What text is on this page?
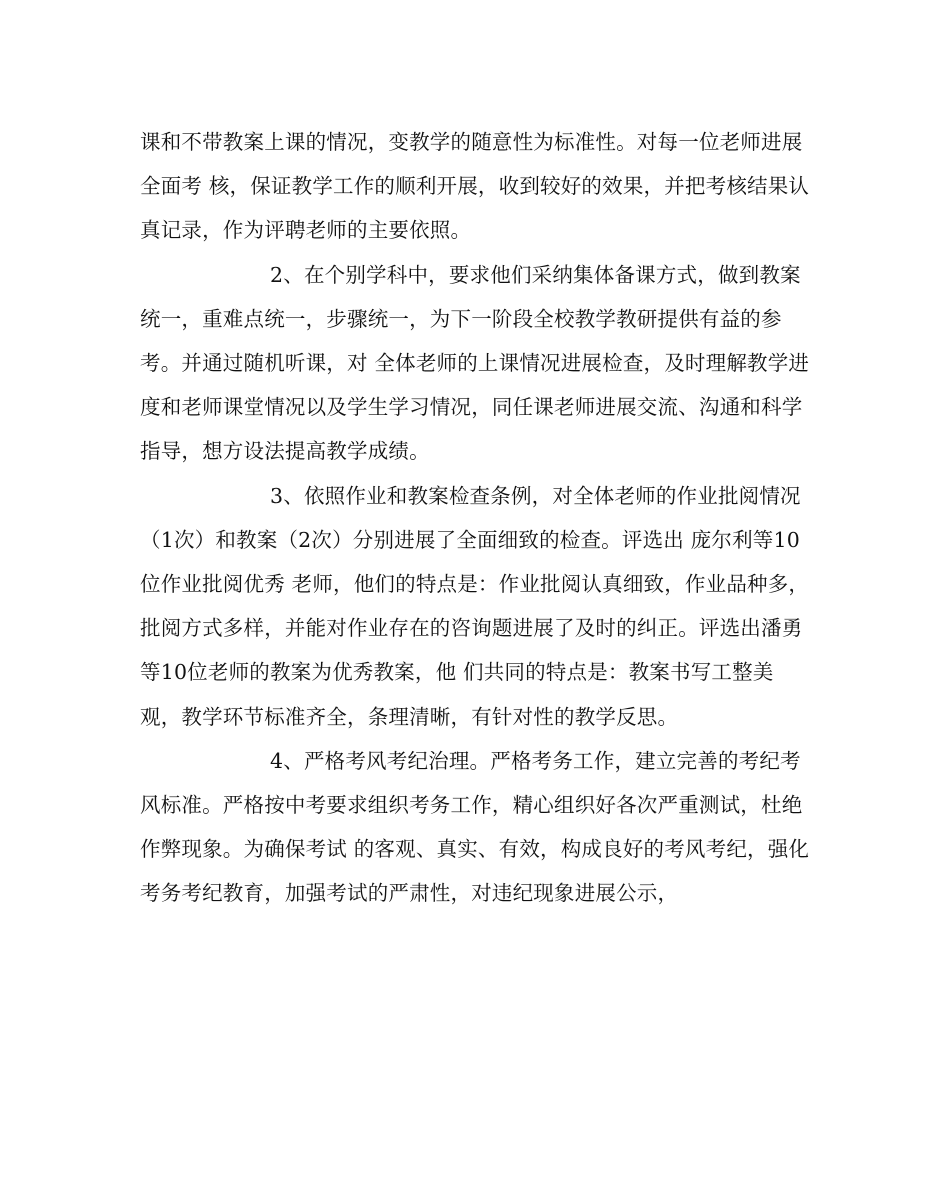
课和不带教案上课的情况，变教学的随意性为标准性。对每一位老师进展全面考 核，保证教学工作的顺利开展，收到较好的效果，并把考核结果认真记录，作为评聘老师的主要依照。

2、在个别学科中，要求他们采纳集体备课方式，做到教案统一，重难点统一，步骤统一，为下一阶段全校教学教研提供有益的参考。并通过随机听课，对 全体老师的上课情况进展检查，及时理解教学进度和老师课堂情况以及学生学习情况，同任课老师进展交流、沟通和科学指导，想方设法提高教学成绩。

3、依照作业和教案检查条例，对全体老师的作业批阅情况（1次）和教案（2次）分别进展了全面细致的检查。评选出 庞尔利等10 位作业批阅优秀 老师，他们的特点是：作业批阅认真细致，作业品种多，批阅方式多样，并能对作业存在的咨询题进展了及时的纠正。评选出潘勇等10位老师的教案为优秀教案，他 们共同的特点是：教案书写工整美观，教学环节标准齐全，条理清晰，有针对性的教学反思。

4、严格考风考纪治理。严格考务工作，建立完善的考纪考风标准。严格按中考要求组织考务工作，精心组织好各次严重测试，杜绝作弊现象。为确保考试 的客观、真实、有效，构成良好的考风考纪，强化考务考纪教育，加强考试的严肃性，对违纪现象进展公示，
